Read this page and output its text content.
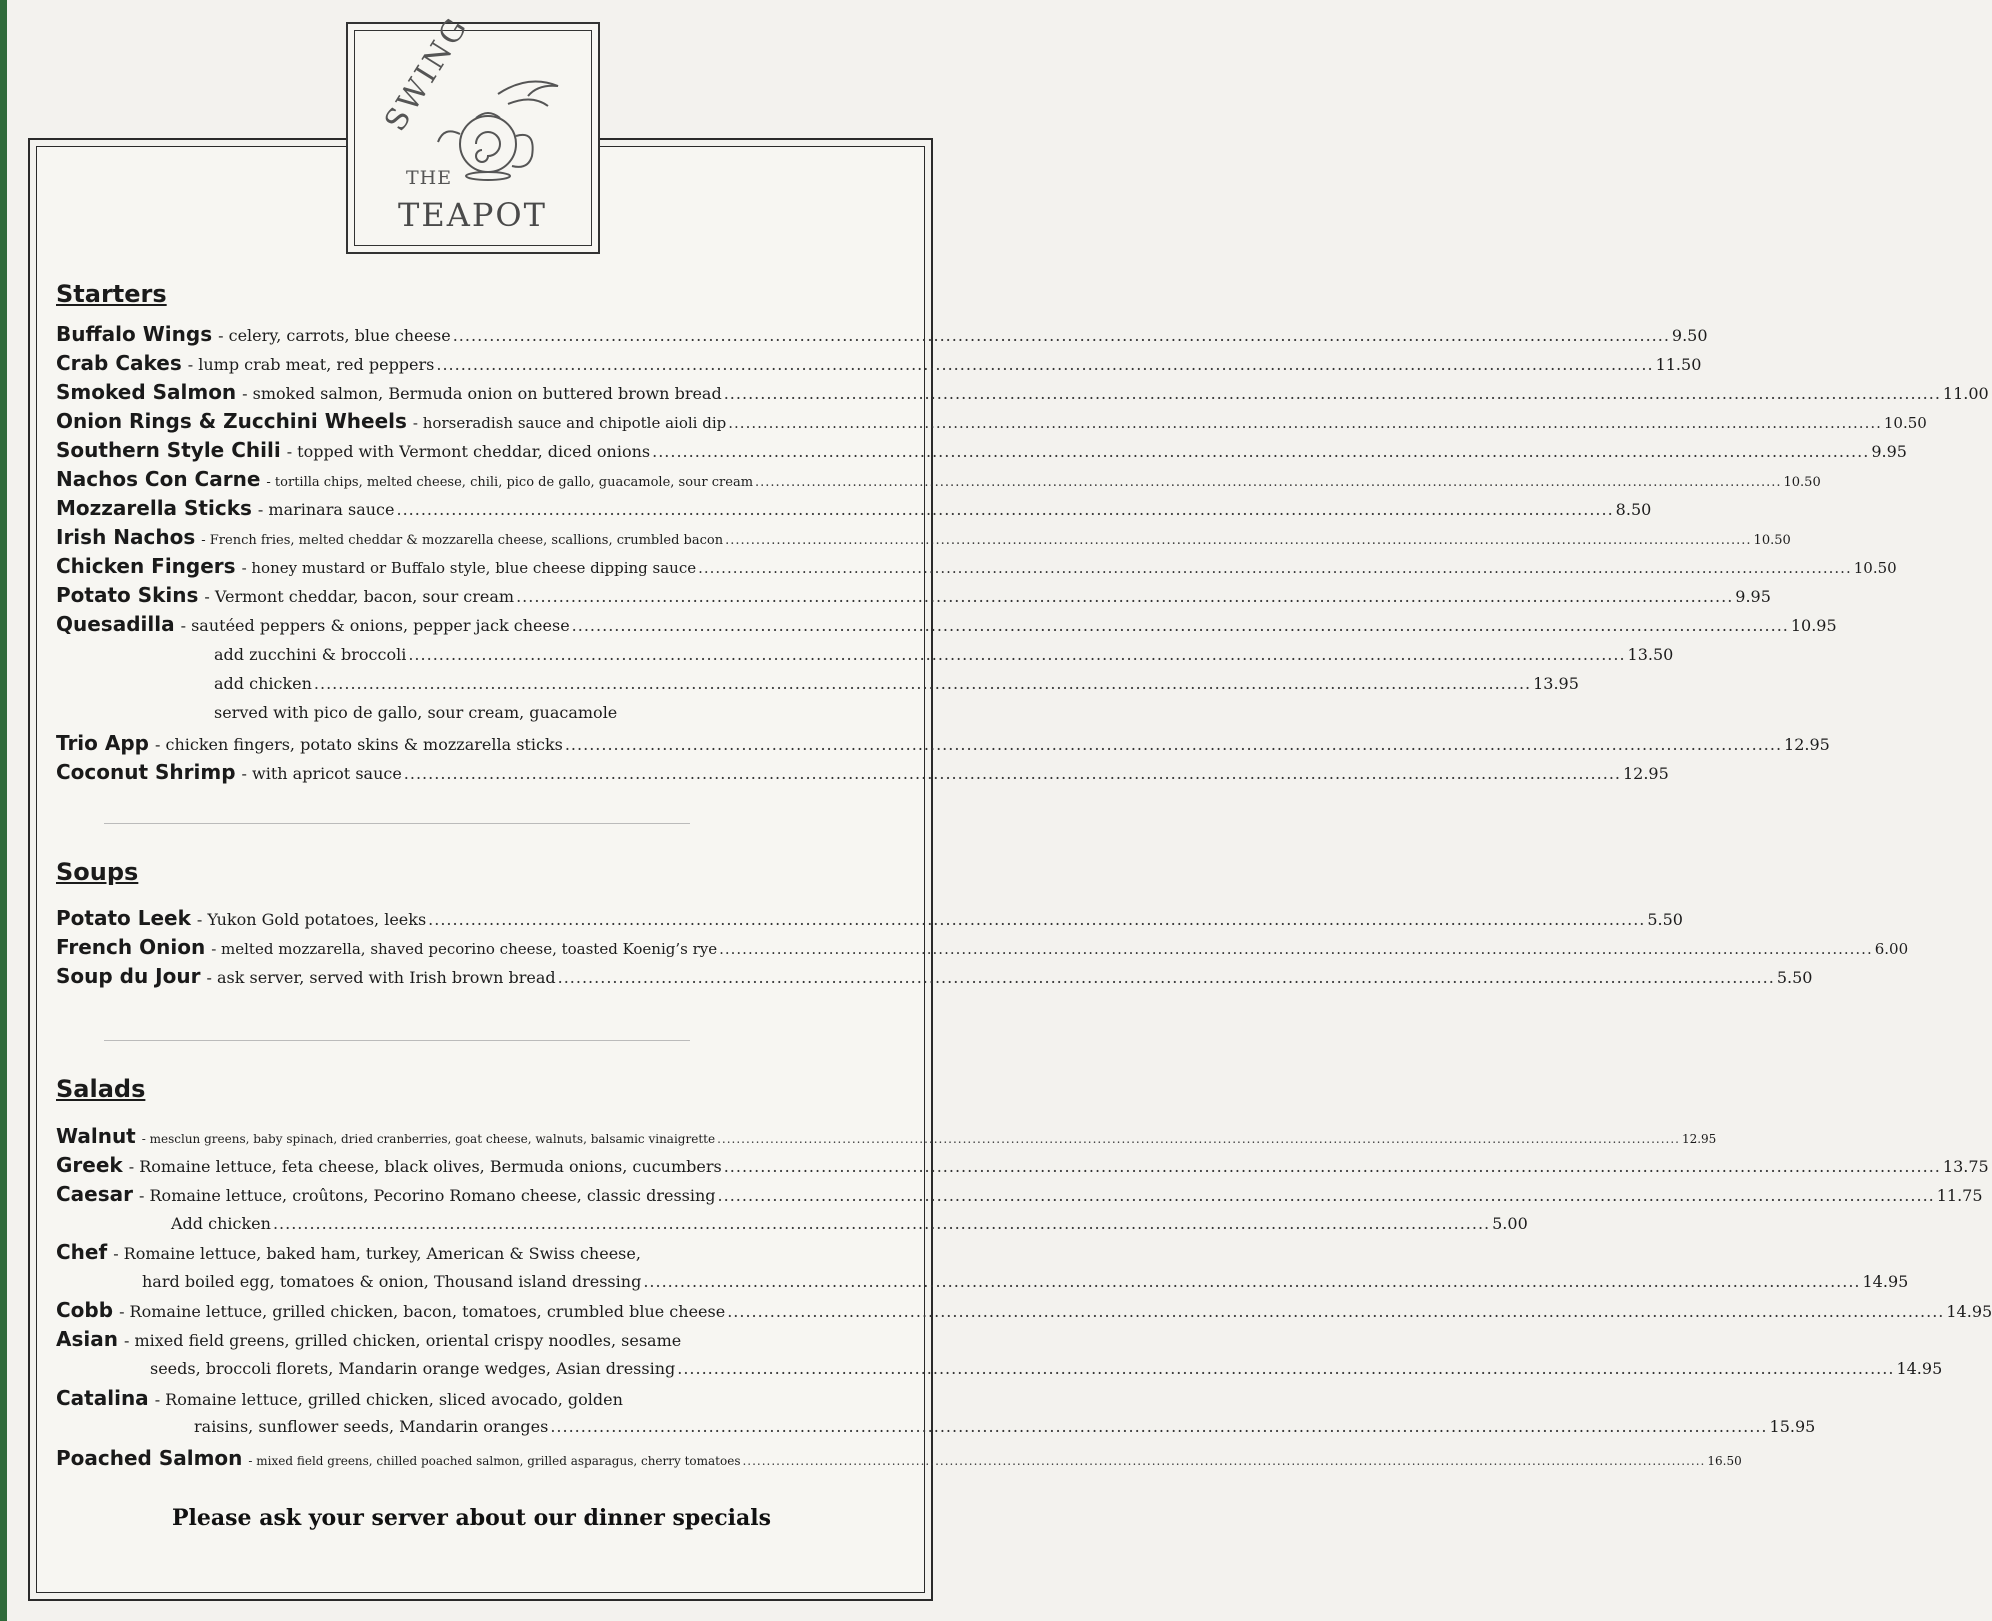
SWING
THE
TEAPOT
Starters
Buffalo Wings - celery, carrots, blue cheese .....	9.50
Crab Cakes - lump crab meat, red peppers .....	11.50
Smoked Salmon - smoked salmon, Bermuda onion on buttered brown bread .....	11.00
Onion Rings & Zucchini Wheels - horseradish sauce and chipotle aioli dip .....	10.50
Southern Style Chili - topped with Vermont cheddar, diced onions .....	9.95
Nachos Con Carne - tortilla chips, melted cheese, chili, pico de gallo, guacamole, sour cream .....	10.50
Mozzarella Sticks - marinara sauce .....	8.50
Irish Nachos - French fries, melted cheddar & mozzarella cheese, scallions, crumbled bacon .....	10.50
Chicken Fingers - honey mustard or Buffalo style, blue cheese dipping sauce .....	10.50
Potato Skins - Vermont cheddar, bacon, sour cream .....	9.95
Quesadilla - sautéed peppers & onions, pepper jack cheese .....	10.95
add zucchini & broccoli .....	13.50
add chicken .....	13.95
served with pico de gallo, sour cream, guacamole
Trio App - chicken fingers, potato skins & mozzarella sticks .....	12.95
Coconut Shrimp - with apricot sauce .....	12.95
Soups
Potato Leek - Yukon Gold potatoes, leeks .....	5.50
French Onion - melted mozzarella, shaved pecorino cheese, toasted Koenig’s rye .....	6.00
Soup du Jour - ask server, served with Irish brown bread .....	5.50
Salads
Walnut - mesclun greens, baby spinach, dried cranberries, goat cheese, walnuts, balsamic vinaigrette .....	12.95
Greek - Romaine lettuce, feta cheese, black olives, Bermuda onions, cucumbers .....	13.75
Caesar - Romaine lettuce, croûtons, Pecorino Romano cheese, classic dressing .....	11.75
Add chicken .....	5.00
Chef - Romaine lettuce, baked ham, turkey, American & Swiss cheese,
hard boiled egg, tomatoes & onion, Thousand island dressing .....	14.95
Cobb - Romaine lettuce, grilled chicken, bacon, tomatoes, crumbled blue cheese .....	14.95
Asian - mixed field greens, grilled chicken, oriental crispy noodles, sesame
seeds, broccoli florets, Mandarin orange wedges, Asian dressing .....	14.95
Catalina - Romaine lettuce, grilled chicken, sliced avocado, golden
raisins, sunflower seeds, Mandarin oranges .....	15.95
Poached Salmon - mixed field greens, chilled poached salmon, grilled asparagus, cherry tomatoes .....	16.50
Please ask your server about our dinner specials
